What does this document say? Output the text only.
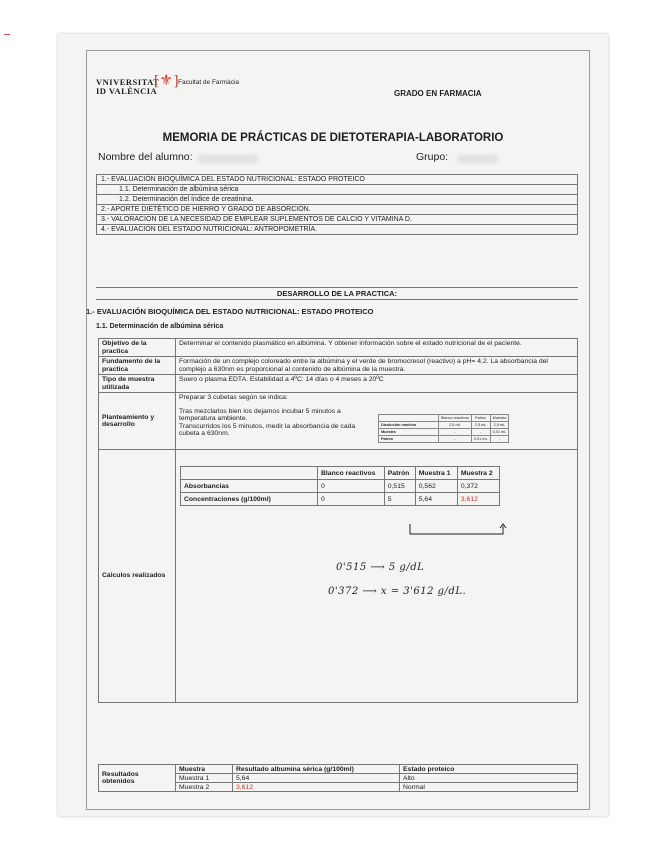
VNIVERSITAT
ID VALÈNCIA
[⚜] Facultat de Farmàcia
GRADO EN FARMACIA
MEMORIA DE PRÁCTICAS DE DIETOTERAPIA-LABORATORIO
Nombre del alumno:	Grupo:
1.- EVALUACIÓN BIOQUÍMICA DEL ESTADO NUTRICIONAL: ESTADO PROTEICO
1.1. Determinación de albúmina sérica
1.2. Determinación del índice de creatinina.
2.- APORTE DIETÉTICO DE HIERRO Y GRADO DE ABSORCIÓN.
3.- VALORACION DE LA NECESIDAD DE EMPLEAR SUPLEMENTOS DE CALCIO Y VITAMINA D.
4.- EVALUACIÓN DEL ESTADO NUTRICIONAL: ANTROPOMETRÍA.
DESARROLLO DE LA PRACTICA:
1.- EVALUACIÓN BIOQUÍMICA DEL ESTADO NUTRICIONAL: ESTADO PROTEICO
1.1. Determinación de albúmina sérica
Objetivo de la practica	Determinar el contenido plasmático en albúmina. Y obtener información sobre el estado nutricional de el paciente.
Fundamento de la practica	Formación de un complejo coloreado entre la albúmina y el verde de bromocresol (reactivo) a pH= 4,2. La absorbancia del complejo a 630nm es proporcional al contenido de albúmina de la muestra.
Tipo de muestra utilizada	Suero o plasma EDTA. Estabilidad a 4ºC: 14 días o 4 meses a 20ºC
Planteamiento y desarrollo	Preparar 3 cubetas según se indica:
Tras mezclarlos bien los dejamos incubar 5 minutos a temperatura ambiente.
Transcurridos los 5 minutos, medir la absorbancia de cada cubeta a 630nm.

Cálculos realizados	
	Blanco reactivos	Patrón	Muestra
Disolución reactiva	2,5 mL	2,5 mL	2,5 mL
Muestra	-	-	0,01 mL
Patrón	-	0,01 mL	-
	Blanco reactivos	Patrón	Muestra 1	Muestra 2
Absorbancias	0	0,515	0,562	0,372
Concentraciones (g/100ml)	0	5	5,64	3,612
0'515 ⟶ 5 g/dL
0'372 ⟶ x = 3'612 g/dL.
Resultados obtenidos	Muestra	Resultado albumina sérica (g/100ml)	Estado proteico
	Muestra 1	5,64	Alto
	Muestra 2	3,612	Normal
